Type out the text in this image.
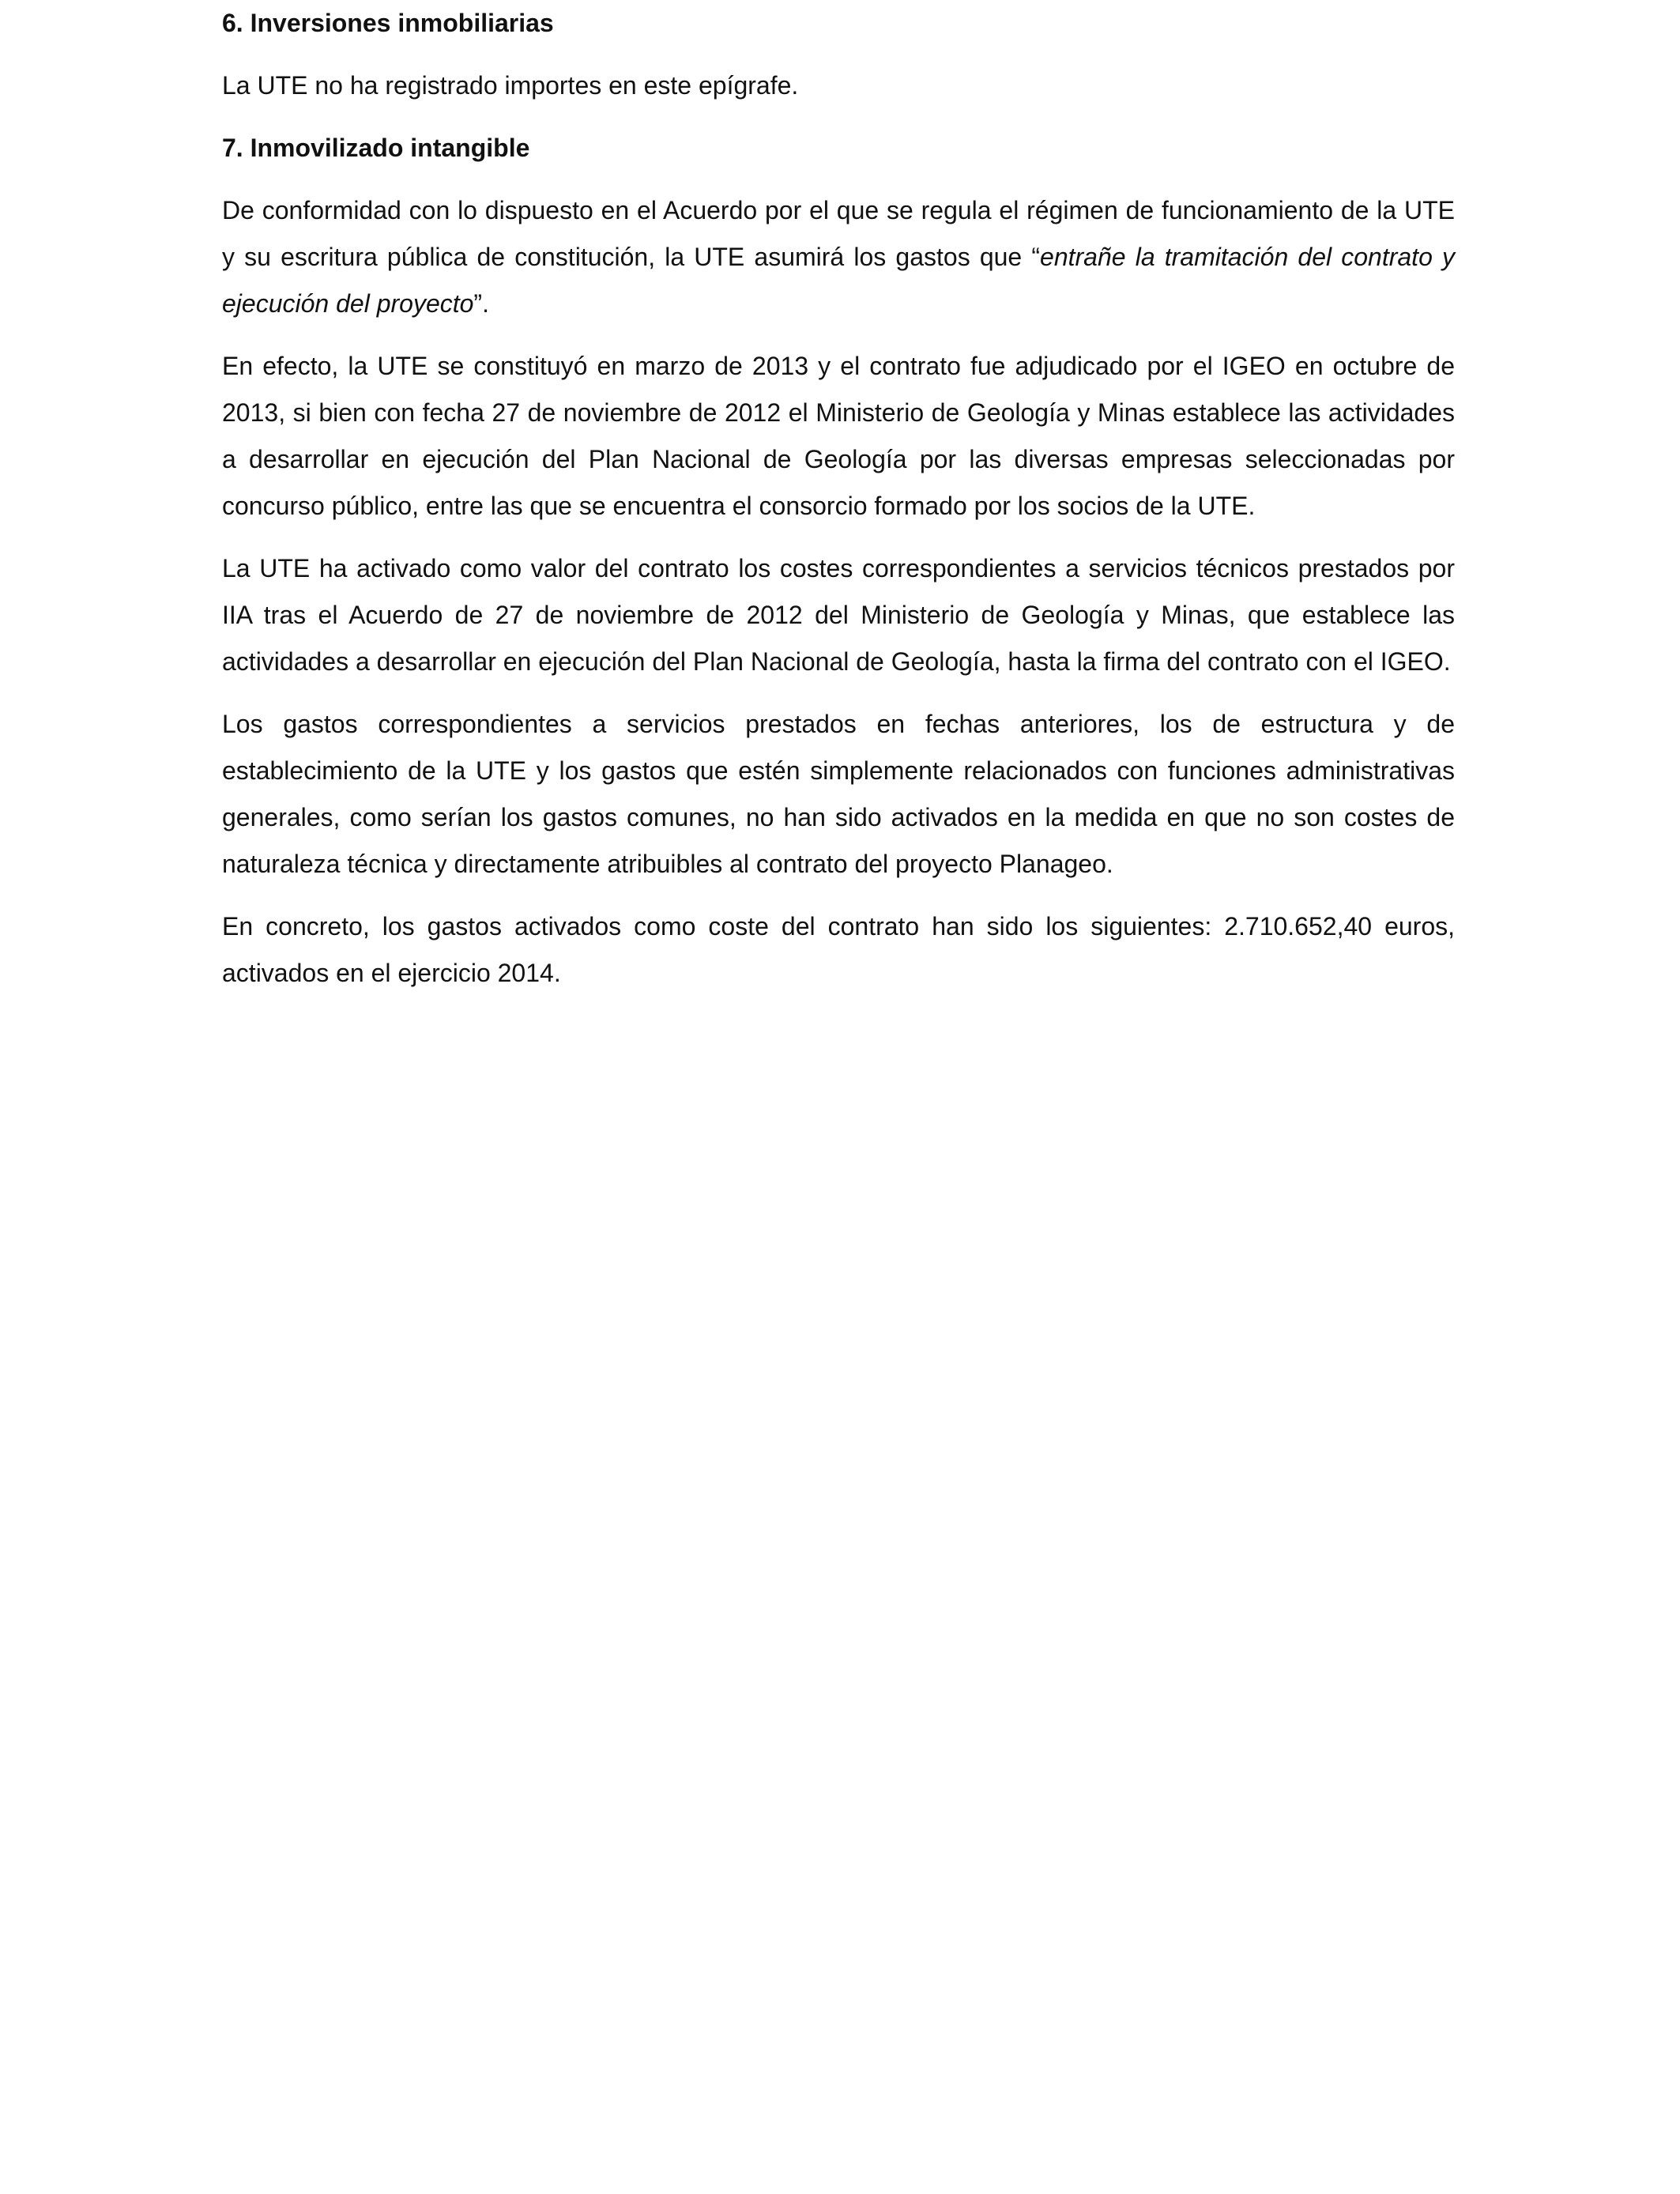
6. Inversiones inmobiliarias

La UTE no ha registrado importes en este epígrafe.

7. Inmovilizado intangible

De conformidad con lo dispuesto en el Acuerdo por el que se regula el régimen de funcionamiento de la UTE y su escritura pública de constitución, la UTE asumirá los gastos que “entrañe la tramitación del contrato y ejecución del proyecto”.

En efecto, la UTE se constituyó en marzo de 2013 y el contrato fue adjudicado por el IGEO en octubre de 2013, si bien con fecha 27 de noviembre de 2012 el Ministerio de Geología y Minas establece las actividades a desarrollar en ejecución del Plan Nacional de Geología por las diversas empresas seleccionadas por concurso público, entre las que se encuentra el consorcio formado por los socios de la UTE.

La UTE ha activado como valor del contrato los costes correspondientes a servicios técnicos prestados por IIA tras el Acuerdo de 27 de noviembre de 2012 del Ministerio de Geología y Minas, que establece las actividades a desarrollar en ejecución del Plan Nacional de Geología, hasta la firma del contrato con el IGEO.

Los gastos correspondientes a servicios prestados en fechas anteriores, los de estructura y de establecimiento de la UTE y los gastos que estén simplemente relacionados con funciones administrativas generales, como serían los gastos comunes, no han sido activados en la medida en que no son costes de naturaleza técnica y directamente atribuibles al contrato del proyecto Planageo.

En concreto, los gastos activados como coste del contrato han sido los siguientes: 2.710.652,40 euros, activados en el ejercicio 2014.
